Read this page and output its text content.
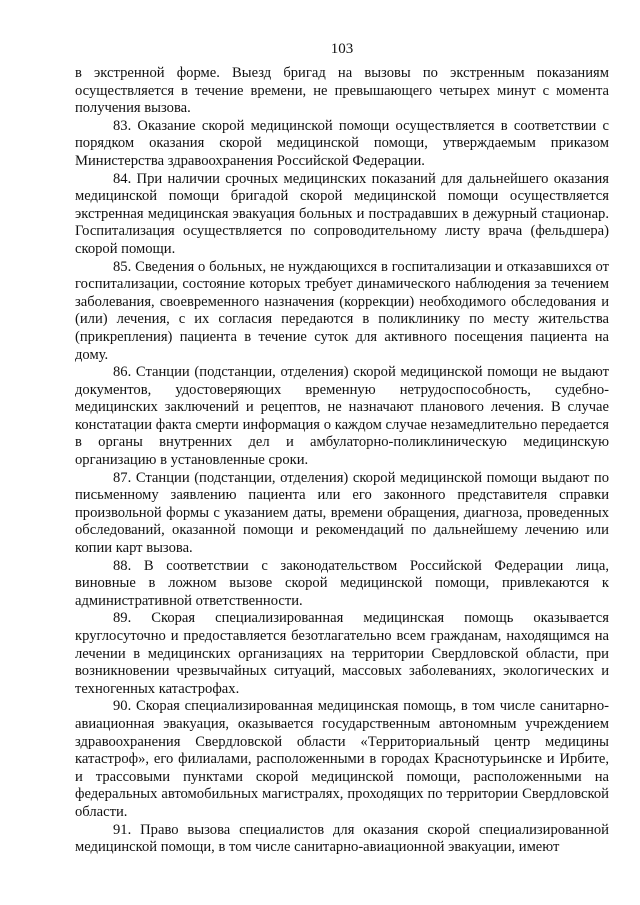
103

в экстренной форме. Выезд бригад на вызовы по экстренным показаниям осуществляется в течение времени, не превышающего четырех минут с момента получения вызова.

83. Оказание скорой медицинской помощи осуществляется в соответствии с порядком оказания скорой медицинской помощи, утверждаемым приказом Министерства здравоохранения Российской Федерации.

84. При наличии срочных медицинских показаний для дальнейшего оказания медицинской помощи бригадой скорой медицинской помощи осуществляется экстренная медицинская эвакуация больных и пострадавших в дежурный стационар. Госпитализация осуществляется по сопроводительному листу врача (фельдшера) скорой помощи.

85. Сведения о больных, не нуждающихся в госпитализации и отказавшихся от госпитализации, состояние которых требует динамического наблюдения за течением заболевания, своевременного назначения (коррекции) необходимого обследования и (или) лечения, с их согласия передаются в поликлинику по месту жительства (прикрепления) пациента в течение суток для активного посещения пациента на дому.

86. Станции (подстанции, отделения) скорой медицинской помощи не выдают документов, удостоверяющих временную нетрудоспособность, судебно-медицинских заключений и рецептов, не назначают планового лечения. В случае констатации факта смерти информация о каждом случае незамедлительно передается в органы внутренних дел и амбулаторно-поликлиническую медицинскую организацию в установленные сроки.

87. Станции (подстанции, отделения) скорой медицинской помощи выдают по письменному заявлению пациента или его законного представителя справки произвольной формы с указанием даты, времени обращения, диагноза, проведенных обследований, оказанной помощи и рекомендаций по дальнейшему лечению или копии карт вызова.

88. В соответствии с законодательством Российской Федерации лица, виновные в ложном вызове скорой медицинской помощи, привлекаются к административной ответственности.

89. Скорая специализированная медицинская помощь оказывается круглосуточно и предоставляется безотлагательно всем гражданам, находящимся на лечении в медицинских организациях на территории Свердловской области, при возникновении чрезвычайных ситуаций, массовых заболеваниях, экологических и техногенных катастрофах.

90. Скорая специализированная медицинская помощь, в том числе санитарно-авиационная эвакуация, оказывается государственным автономным учреждением здравоохранения Свердловской области «Территориальный центр медицины катастроф», его филиалами, расположенными в городах Краснотурьинске и Ирбите, и трассовыми пунктами скорой медицинской помощи, расположенными на федеральных автомобильных магистралях, проходящих по территории Свердловской области.

91. Право вызова специалистов для оказания скорой специализированной медицинской помощи, в том числе санитарно-авиационной эвакуации, имеют
